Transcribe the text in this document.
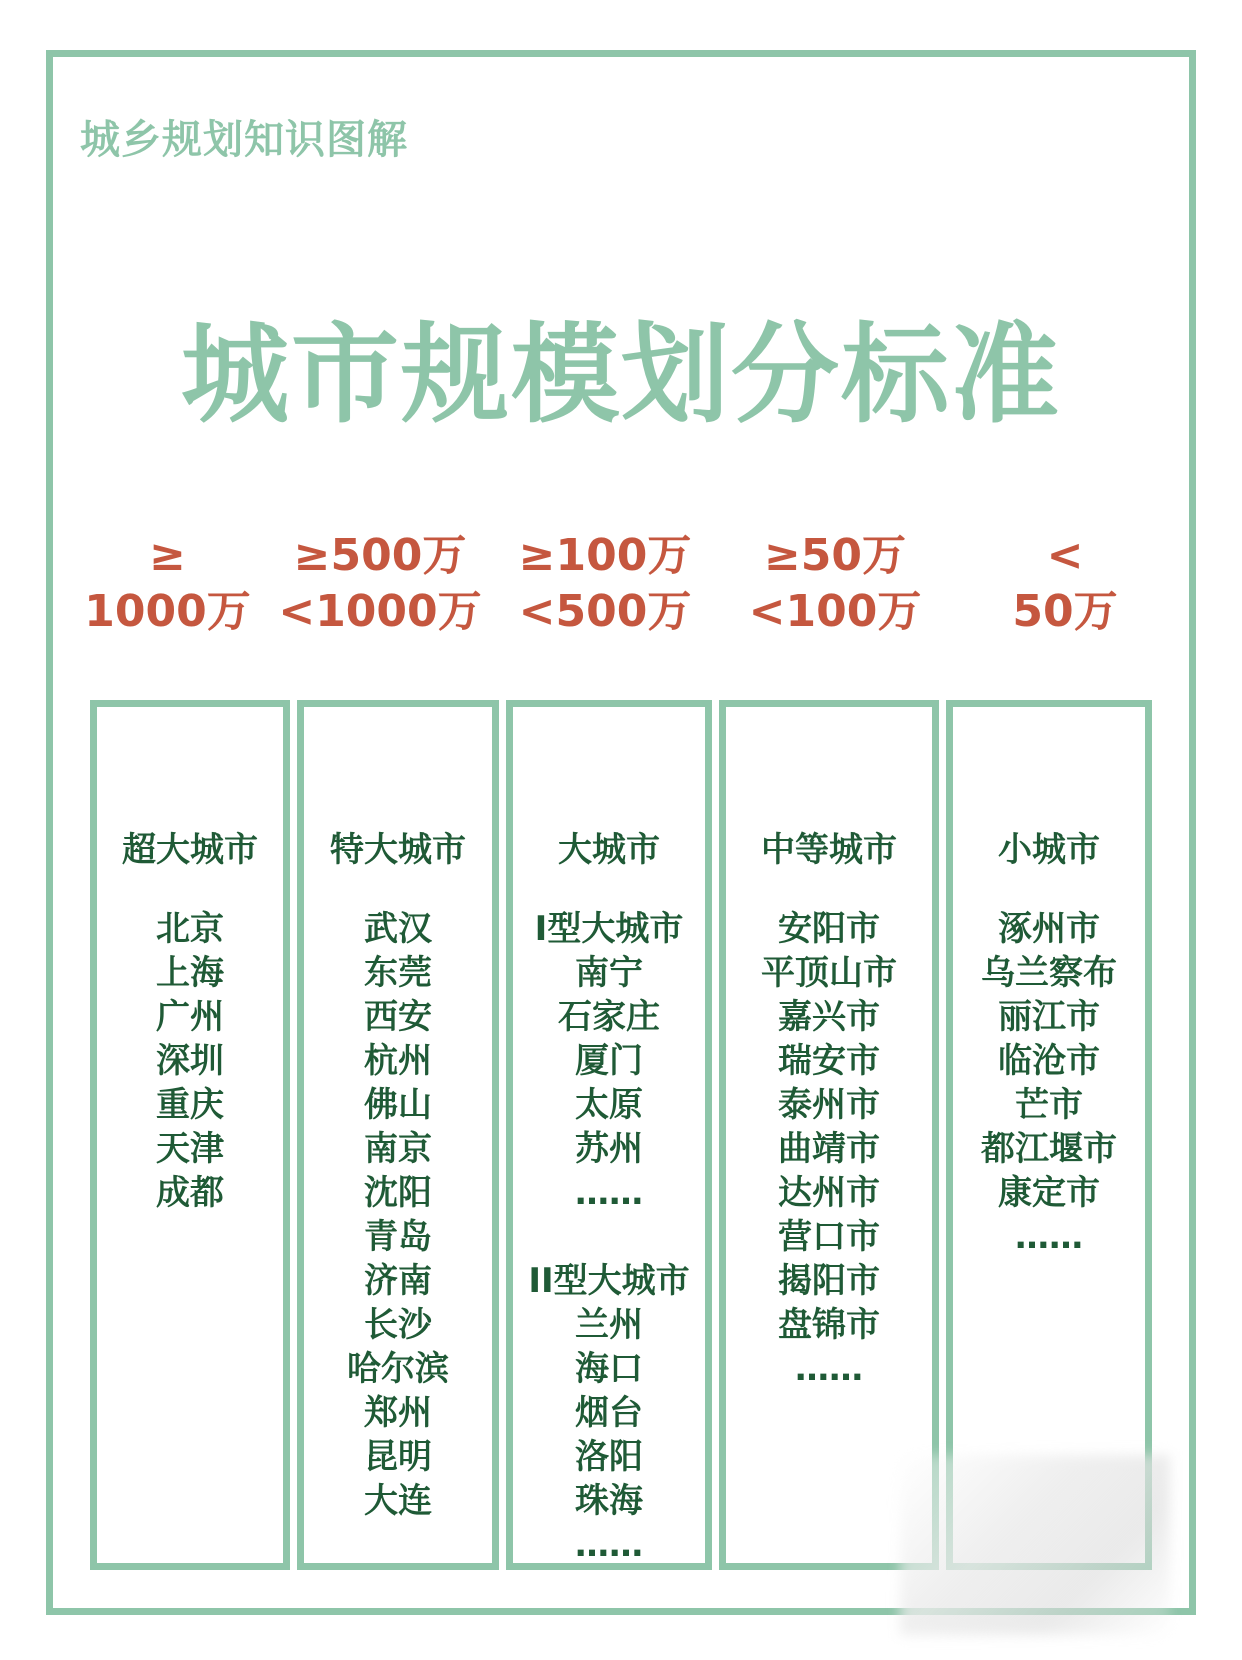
城乡规划知识图解
城市规模划分标准
≥
1000万
≥500万
<1000万
≥100万
<500万
≥50万
<100万
<
50万
超大城市
北京
上海
广州
深圳
重庆
天津
成都
特大城市
武汉
东莞
西安
杭州
佛山
南京
沈阳
青岛
济南
长沙
哈尔滨
郑州
昆明
大连
大城市
I型大城市
南宁
石家庄
厦门
太原
苏州
……
II型大城市
兰州
海口
烟台
洛阳
珠海
……
中等城市
安阳市
平顶山市
嘉兴市
瑞安市
泰州市
曲靖市
达州市
营口市
揭阳市
盘锦市
……
小城市
涿州市
乌兰察布
丽江市
临沧市
芒市
都江堰市
康定市
……
